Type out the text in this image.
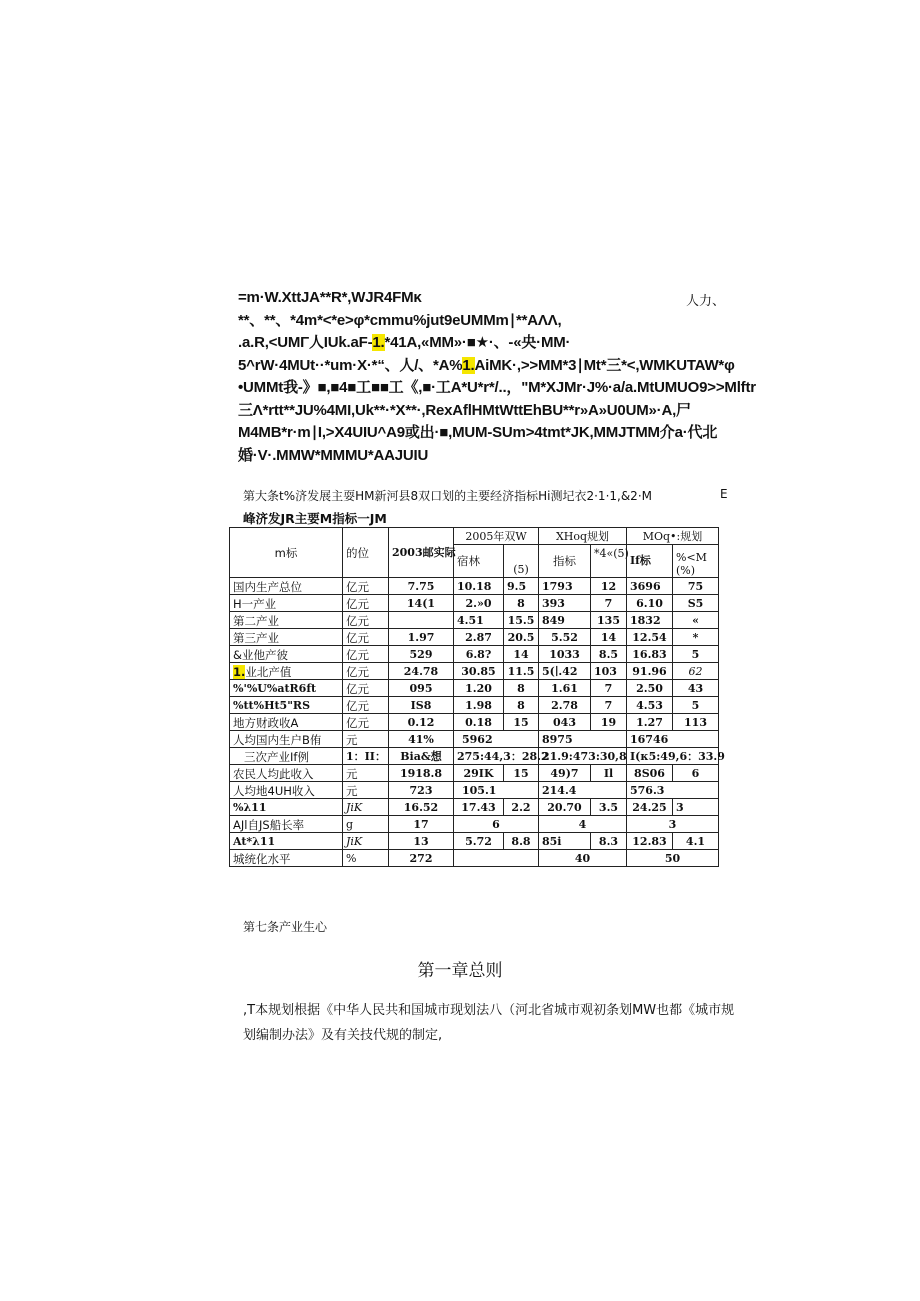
=m·W.XttJA**R*,WJR4FMκ
**、**、*4m*<*e>φ*cmmu%jut9eUMMm∣**AΛΛ,
.a.R,<UMΓ人IUk.aF-1.*41A,«MM»·■★·、-«央·MM·
5^rW·4MUt··*um·X·*“、人/、*A%1.AiMK·,>>MM*3∣Mt*三*<,WMKUTAW*φ
•UMMt我-》■,■4■工■■工《,■·工A*U*r*/..，"M*XJMr·J%·a/a.MtUMUO9>>Mlftr
三Λ*rtt**JU%4MI,Uk**·*X**·,RexAflHMtWttEhBU**r»A»U0UM»·A,尸
M4MB*r·m∣I,>X4UIU^A9或出·■,MUM-SUm>4tmt*JK,MMJTMM介a·代北
婚·V·.MMW*MMMU*AAJUIU
人力、
第大条t%济发展主耍HM新河县8双口划的主要经济指标Hi测圮衣2·1·1,&2·M	E
峰济发JR主要M指标一JM
m标	的位	2003邮实际	2005年双W		XHoq规划		MOq•:规划	
			宿林	(5)	指标	*4«(5)	If标	%<M (%)

国内生产总位	亿元	7.75	10.18	9.5	1793	12	3696	75
H一产业	亿元	14(1	2.»0	8	393	7	6.10	S5
第二产业	亿元		4.51	15.5	849	135	1832	«
第三产业	亿元	1.97	2.87	20.5	5.52	14	12.54	*
&业他产彼	亿元	529	6.8?	14	1033	8.5	16.83	5
1.业北产值	亿元	24.78	30.85	11.5	5(∣.42	103	91.96	62
%'%U%atR6ft	亿元	095	1.20	8	1.61	7	2.50	43
%tt%Ht5"RS	亿元	IS8	1.98	8	2.78	7	4.53	5
地方财政收A	亿元	0.12	0.18	15	043	19	1.27	113
人均国内生户B侑	元	41%	5962		8975		16746	
三次产业If例	1：II：	Bia&想	275:44,3：28.2		21.9:473:30,8		I(κ5:49,6：33.9	
农民人均此收入	元	1918.8	29IK	15	49)7	Il	8S06	6
人均地4UH收入	元	723	105.1		214.4		576.3	
%λ11	JiK	16.52	17.43	2.2	20.70	3.5	24.25	3
AJl自JS船长率	g	17	6		4		3	
At*λ11	JiK	13	5.72	8.8	85i	8.3	12.83	4.1
城统化水平	%	272			40		50	
第七条产业生心
第一章总则
,T本规划根据《中华人民共和国城市现划法八（河北省城市观初条划MW也都《城市规划编制办法》及有关技代规的制定,
